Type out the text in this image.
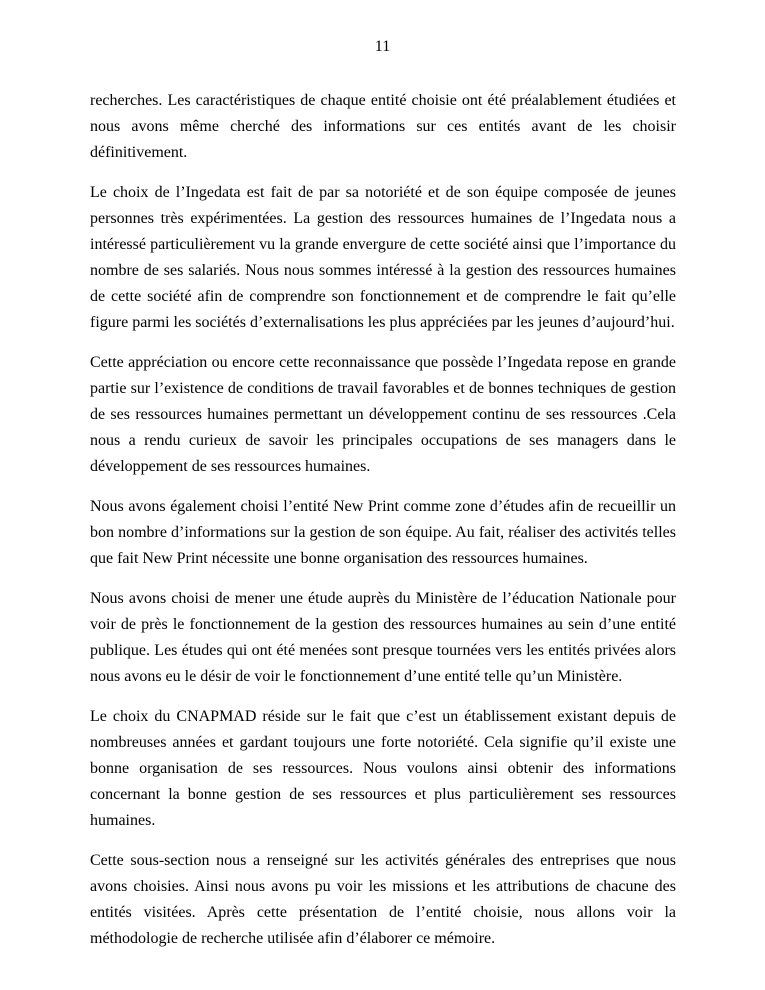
11

recherches. Les caractéristiques de chaque entité choisie ont été préalablement étudiées et nous avons même cherché des informations sur ces entités avant de les choisir définitivement.

Le choix de l’Ingedata est fait de par sa notoriété et de son équipe composée de jeunes personnes très expérimentées. La gestion des ressources humaines de l’Ingedata nous a intéressé particulièrement vu la grande envergure de cette société ainsi que l’importance du nombre de ses salariés. Nous nous sommes intéressé à la gestion des ressources humaines de cette société afin de comprendre son fonctionnement et de comprendre le fait qu’elle figure parmi les sociétés d’externalisations les plus appréciées par les jeunes d’aujourd’hui.

Cette appréciation ou encore cette reconnaissance que possède l’Ingedata repose en grande partie sur l’existence de conditions de travail favorables et de bonnes techniques de gestion de ses ressources humaines permettant un développement continu de ses ressources .Cela nous a rendu curieux de savoir les principales occupations de ses managers dans le développement de ses ressources humaines.

Nous avons également choisi l’entité New Print comme zone d’études afin de recueillir un bon nombre d’informations sur la gestion de son équipe. Au fait, réaliser des activités telles que fait New Print nécessite une bonne organisation des ressources humaines.

Nous avons choisi de mener une étude auprès du Ministère de l’éducation Nationale pour voir de près le fonctionnement de la gestion des ressources humaines au sein d’une entité publique. Les études qui ont été menées sont presque tournées vers les entités privées alors nous avons eu le désir de voir le fonctionnement d’une entité telle qu’un Ministère.

Le choix du CNAPMAD réside sur le fait que c’est un établissement existant depuis de nombreuses années et gardant toujours une forte notoriété. Cela signifie qu’il existe une bonne organisation de ses ressources. Nous voulons ainsi obtenir des informations concernant la bonne gestion de ses ressources et plus particulièrement ses ressources humaines.

Cette sous-section nous a renseigné sur les activités générales des entreprises que nous avons choisies. Ainsi nous avons pu voir les missions et les attributions de chacune des entités visitées. Après cette présentation de l’entité choisie, nous allons voir la méthodologie de recherche utilisée afin d’élaborer ce mémoire.
